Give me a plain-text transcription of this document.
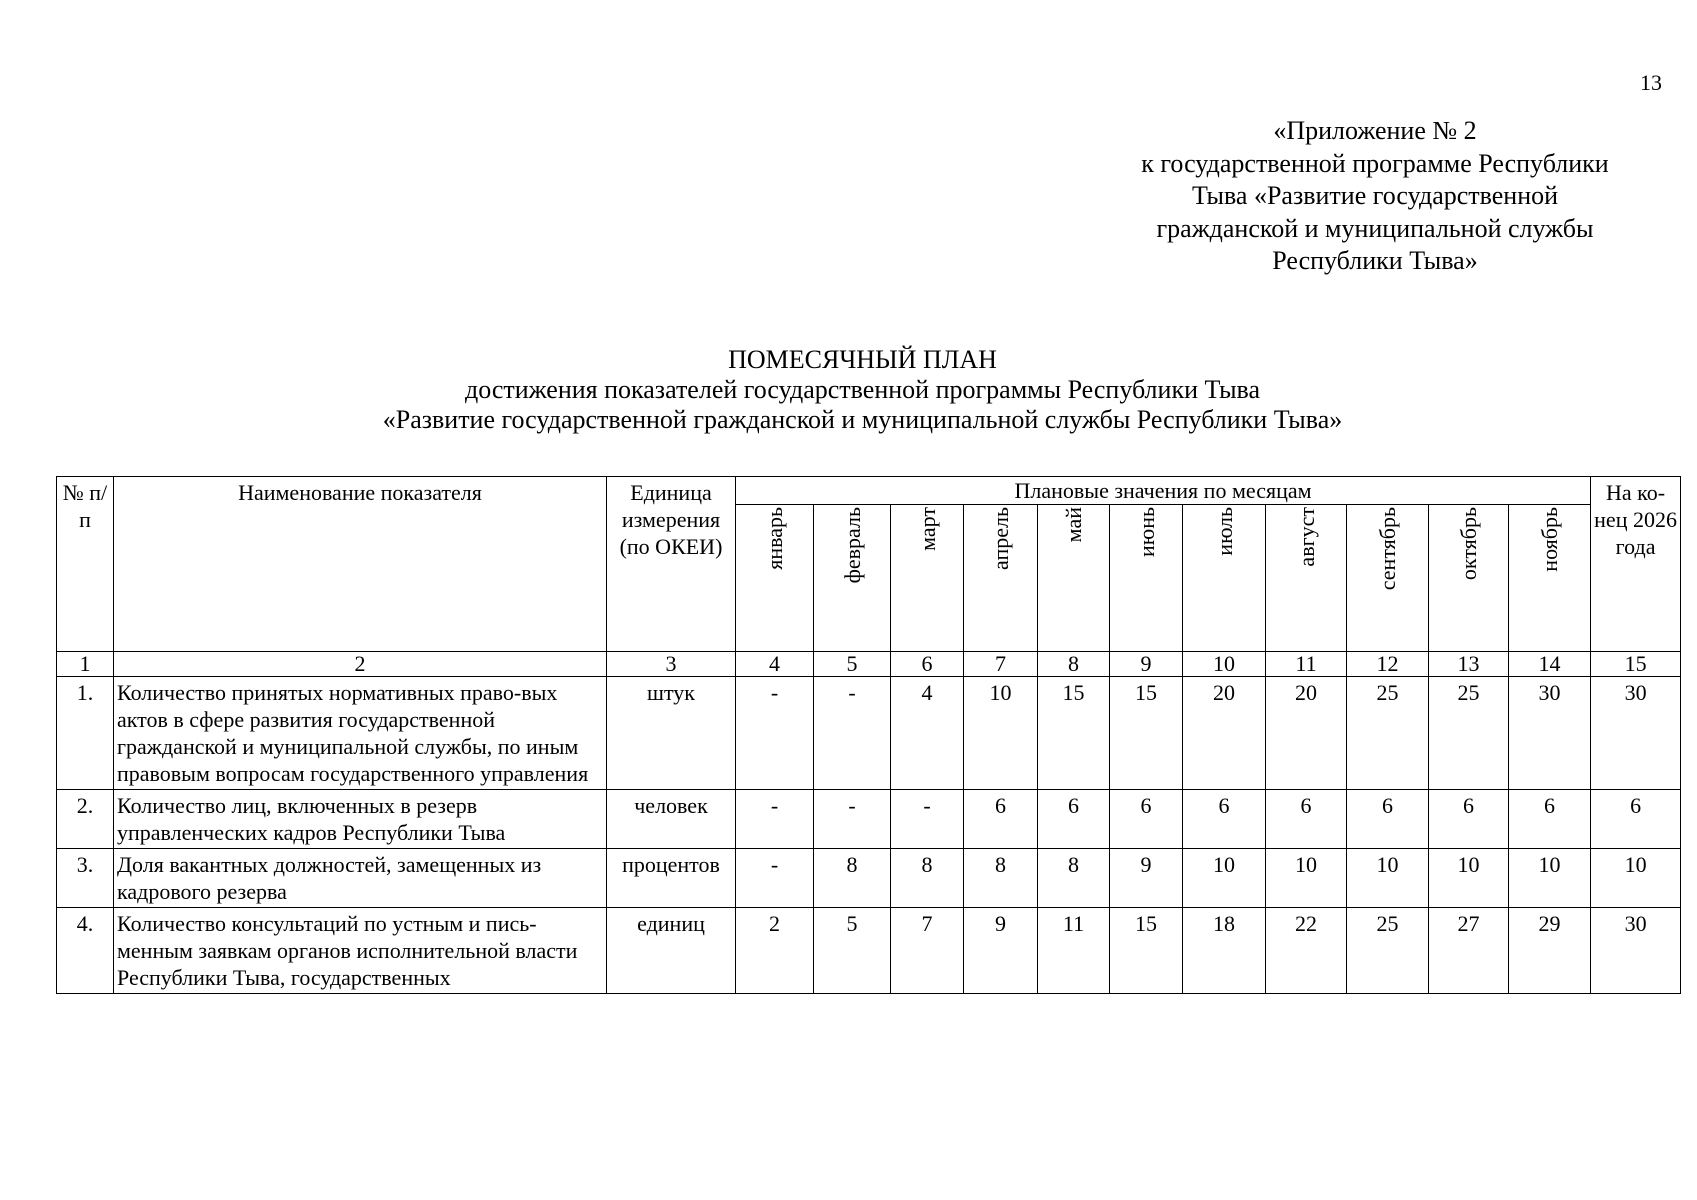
13
«Приложение № 2
к государственной программе Республики
Тыва «Развитие государственной
гражданской и муниципальной службы
Республики Тыва»
ПОМЕСЯЧНЫЙ ПЛАН
достижения показателей государственной программы Республики Тыва
«Развитие государственной гражданской и муниципальной службы Республики Тыва»
№ п/п	Наименование показателя	Единица измерения (по ОКЕИ)	Плановые значения по месяцам											На ко-нец 2026 года
			январь	февраль	март	апрель	май	июнь	июль	август	сентябрь	октябрь	ноябрь	
1	2	3	4	5	6	7	8	9	10	11	12	13	14	15
1.	Количество принятых нормативных право-вых актов в сфере развития государственной гражданской и муниципальной службы, по иным правовым вопросам государственного управления	штук	-	-	4	10	15	15	20	20	25	25	30	30
2.	Количество лиц, включенных в резерв управленческих кадров Республики Тыва	человек	-	-	-	6	6	6	6	6	6	6	6	6
3.	Доля вакантных должностей, замещенных из кадрового резерва	процентов	-	8	8	8	8	9	10	10	10	10	10	10
4.	Количество консультаций по устным и пись-менным заявкам органов исполнительной власти Республики Тыва, государственных	единиц	2	5	7	9	11	15	18	22	25	27	29	30
